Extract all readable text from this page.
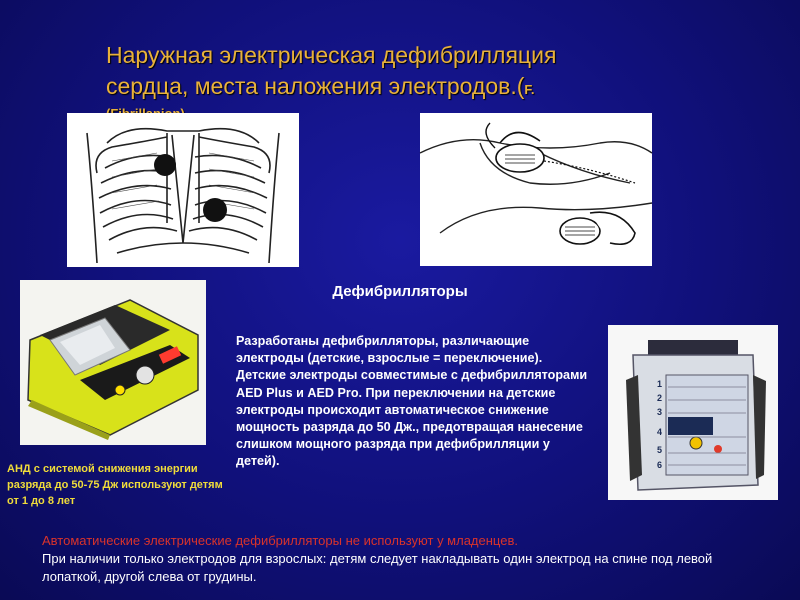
Наружная электрическая дефибрилляция
сердца, места наложения электродов.(F.
1
2
3
4
5
6
Дефибрилляторы
Разработаны дефибрилляторы, различающие электроды (детские, взрослые = переключение). Детские электроды совместимые с дефибрилляторами AED Plus и AED Pro. При переключении на детские электроды происходит автоматическое снижение мощность разряда до 50 Дж., предотвращая нанесение слишком мощного разряда при дефибрилляции у детей).
АНД с системой снижения энергии разряда до 50-75 Дж используют детям от 1 до 8 лет
Автоматические электрические дефибрилляторы не используют у младенцев.
При наличии только электродов для взрослых: детям следует накладывать один электрод на спине под левой лопаткой, другой слева от грудины.
